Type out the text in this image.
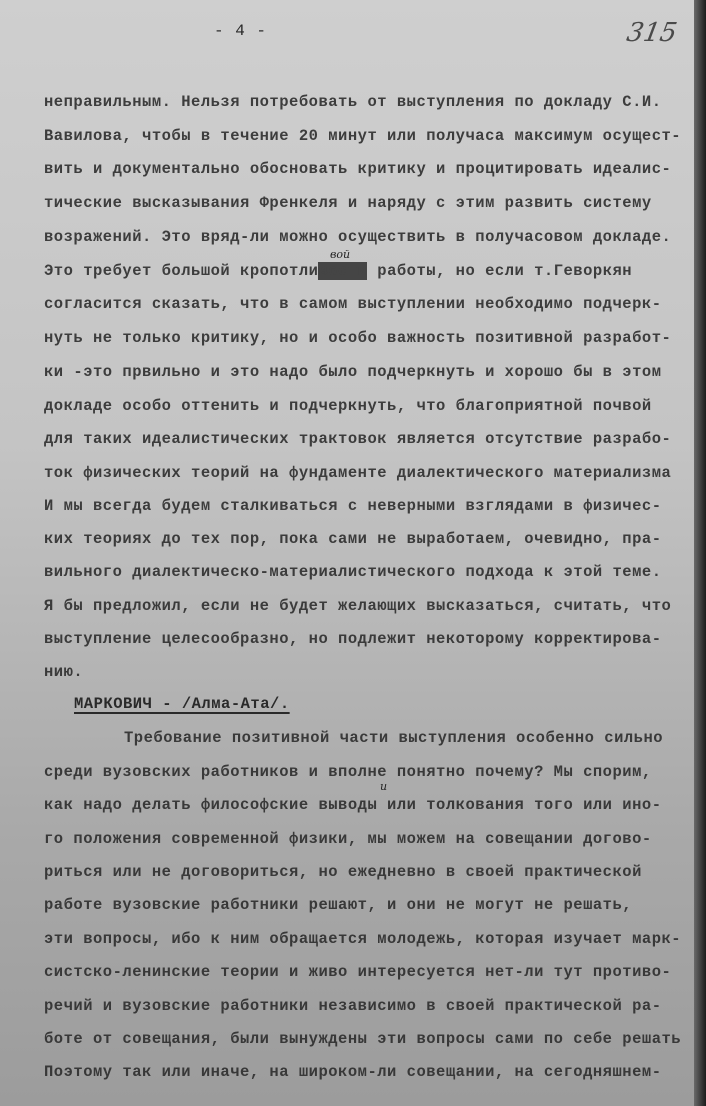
- 4 -	315
неправильным. Нельзя потребовать от выступления по докладу С.И.
Вавилова, чтобы в течение 20 минут или получаса максимум осущест-
вить и документально обосновать критику и процитировать идеалис-
тические высказывания Френкеля и наряду с этим развить систему
возражений. Это вряд-ли можно осуществить в получасовом докладе.
Это требует большой кропотливости работы, но если т.Геворкян
вой
согласится сказать, что в самом выступлении необходимо подчерк-
нуть не только критику, но и особо важность позитивной разработ-
ки -это првильно и это надо было подчеркнуть и хорошо бы в этом
докладе особо оттенить и подчеркнуть, что благоприятной почвой
для таких идеалистических трактовок является отсутствие разрабо-
ток физических теорий на фундаменте диалектического материализма
И мы всегда будем сталкиваться с неверными взглядами в физичес-
ких теориях до тех пор, пока сами не выработаем, очевидно, пра-
вильного диалектическо-материалистического подхода к этой теме.
Я бы предложил, если не будет желающих высказаться, считать, что
выступление целесообразно, но подлежит некоторому корректирова-
нию.
МАРКОВИЧ - /Алма-Ата/.
Требование позитивной части выступления особенно сильно
среди вузовских работников и вполне понятно почему? Мы спорим,
как надо делать философские выводы или толкования того или ино-
и
го положения современной физики, мы можем на совещании догово-
риться или не договориться, но ежедневно в своей практической
работе вузовские работники решают, и они не могут не решать,
эти вопросы, ибо к ним обращается молодежь, которая изучает марк-
систско-ленинские теории и живо интересуется нет-ли тут противо-
речий и вузовские работники независимо в своей практической ра-
боте от совещания, были вынуждены эти вопросы сами по себе решать
Поэтому так или иначе, на широком-ли совещании, на сегодняшнем-
